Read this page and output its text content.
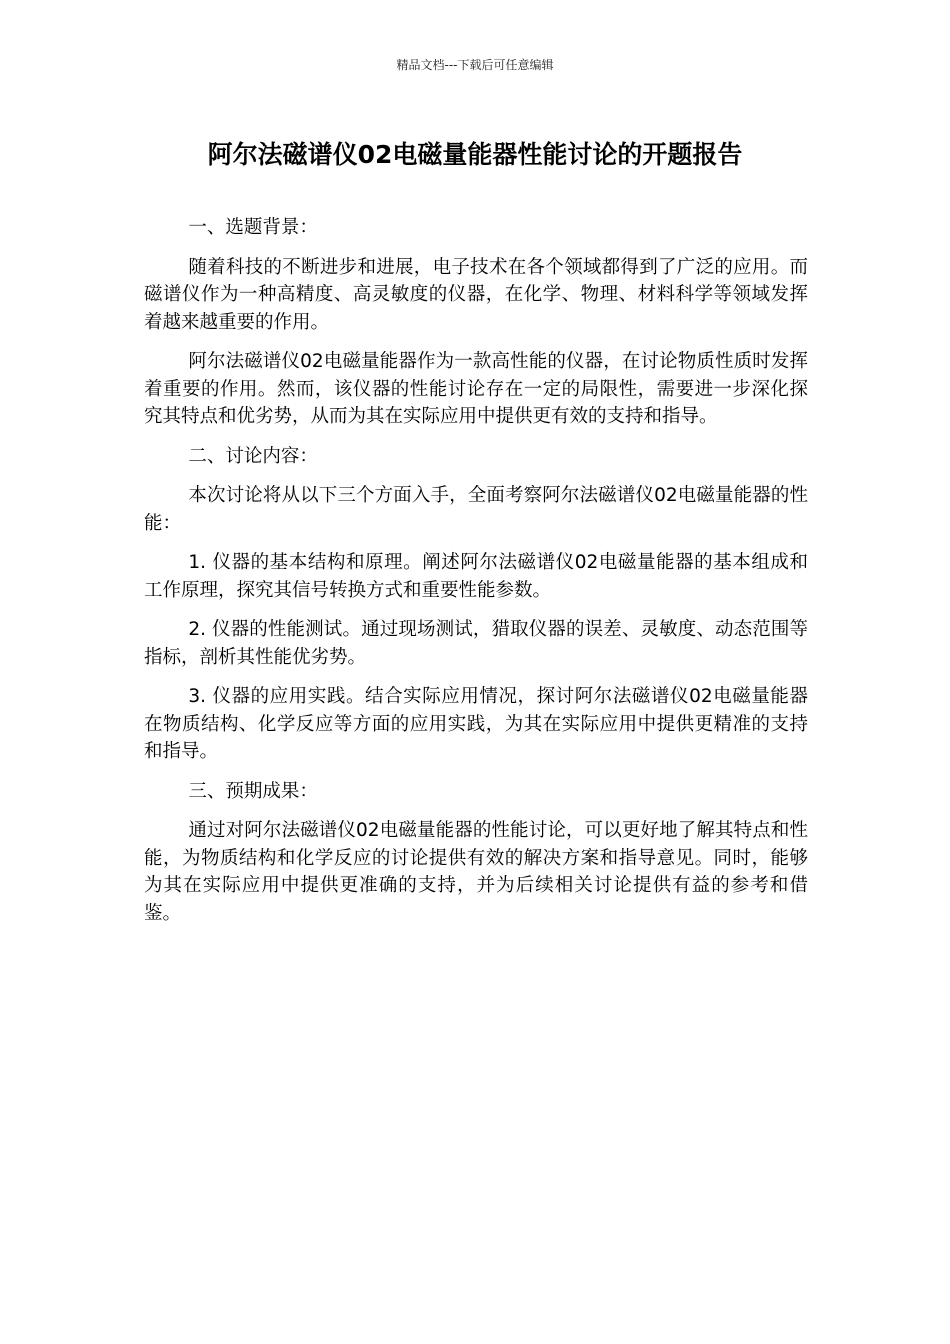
精品文档---下载后可任意编辑
阿尔法磁谱仪02电磁量能器性能讨论的开题报告

一、选题背景：

随着科技的不断进步和进展，电子技术在各个领域都得到了广泛的应用。而磁谱仪作为一种高精度、高灵敏度的仪器，在化学、物理、材料科学等领域发挥着越来越重要的作用。

阿尔法磁谱仪02电磁量能器作为一款高性能的仪器，在讨论物质性质时发挥着重要的作用。然而，该仪器的性能讨论存在一定的局限性，需要进一步深化探究其特点和优劣势，从而为其在实际应用中提供更有效的支持和指导。

二、讨论内容：

本次讨论将从以下三个方面入手，全面考察阿尔法磁谱仪02电磁量能器的性能：

1. 仪器的基本结构和原理。阐述阿尔法磁谱仪02电磁量能器的基本组成和工作原理，探究其信号转换方式和重要性能参数。

2. 仪器的性能测试。通过现场测试，猎取仪器的误差、灵敏度、动态范围等指标，剖析其性能优劣势。

3. 仪器的应用实践。结合实际应用情况，探讨阿尔法磁谱仪02电磁量能器在物质结构、化学反应等方面的应用实践，为其在实际应用中提供更精准的支持和指导。

三、预期成果：

通过对阿尔法磁谱仪02电磁量能器的性能讨论，可以更好地了解其特点和性能，为物质结构和化学反应的讨论提供有效的解决方案和指导意见。同时，能够为其在实际应用中提供更准确的支持，并为后续相关讨论提供有益的参考和借鉴。
